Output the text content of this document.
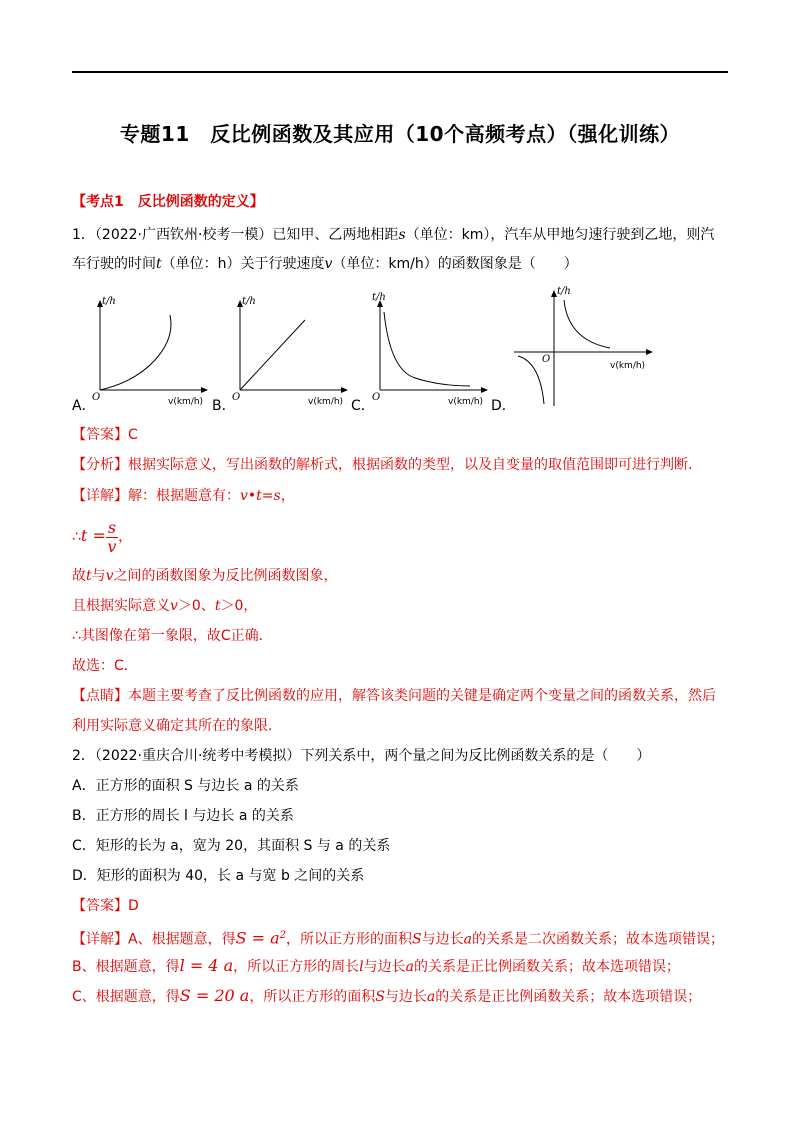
专题11　反比例函数及其应用（10个高频考点）（强化训练）
【考点1　反比例函数的定义】
1．（2022·广西钦州·校考一模）已知甲、乙两地相距s（单位：km），汽车从甲地匀速行驶到乙地，则汽
车行驶的时间t（单位：h）关于行驶速度v（单位：km/h）的函数图象是（　　）
A．	B．	C．	D．
t/h
O	v(km/h)
t/h
O	v(km/h)
t/h
O	v(km/h)
t/h
O
v(km/h)
【答案】C
【分析】根据实际意义，写出函数的解析式，根据函数的类型，以及自变量的取值范围即可进行判断.
【详解】解：根据题意有：v•t=s，
∴t = $\frac{s}{v}$ ，
故t与v之间的函数图象为反比例函数图象，
且根据实际意义v＞0、t＞0，
∴其图像在第一象限，故C正确．
故选：C．
【点睛】本题主要考查了反比例函数的应用，解答该类问题的关键是确定两个变量之间的函数关系，然后
利用实际意义确定其所在的象限．
2．（2022·重庆合川·统考中考模拟）下列关系中，两个量之间为反比例函数关系的是（　　）
A．正方形的面积 S 与边长 a 的关系
B．正方形的周长 l 与边长 a 的关系
C．矩形的长为 a，宽为 20，其面积 S 与 a 的关系
D．矩形的面积为 40，长 a 与宽 b 之间的关系
【答案】D
【详解】A、根据题意，得$S = a^2$，所以正方形的面积S与边长a的关系是二次函数关系；故本选项错误；
B、根据题意，得l = 4 a，所以正方形的周长l与边长a的关系是正比例函数关系；故本选项错误；
C、根据题意，得S = 20 a，所以正方形的面积S与边长a的关系是正比例函数关系；故本选项错误；
